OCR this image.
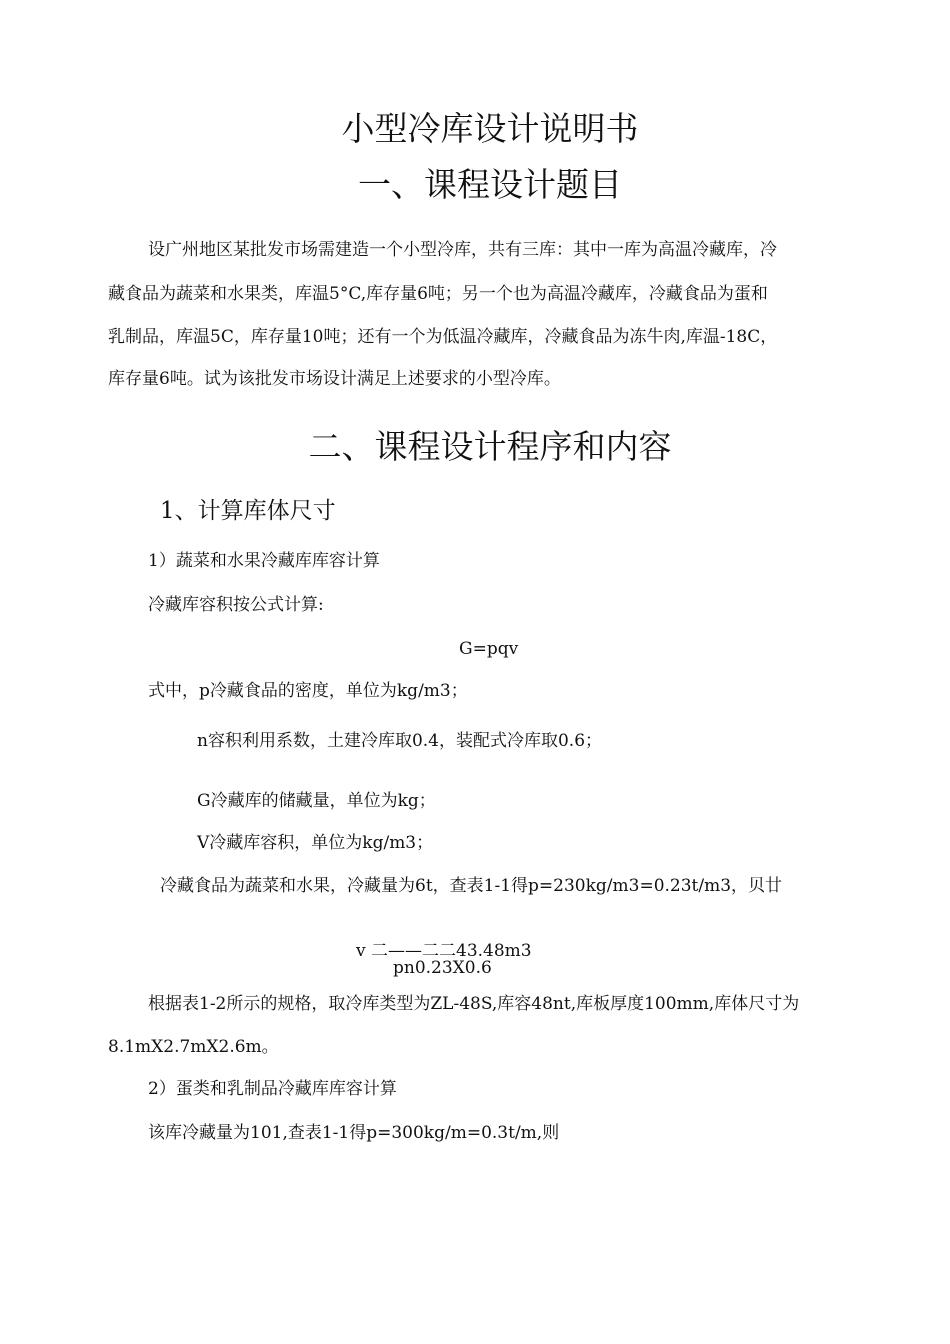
小型冷库设计说明书
一、课程设计题目
设广州地区某批发市场需建造一个小型冷库，共有三库：其中一库为高温冷藏库，冷
藏食品为蔬菜和水果类，库温5°C,库存量6吨；另一个也为高温冷藏库，冷藏食品为蛋和
乳制品，库温5C，库存量10吨；还有一个为低温冷藏库，冷藏食品为冻牛肉,库温-18C，
库存量6吨。试为该批发市场设计满足上述要求的小型冷库。
二、课程设计程序和内容
1、计算库体尺寸
1）蔬菜和水果冷藏库库容计算
冷藏库容积按公式计算:
G=pqv
式中，p冷藏食品的密度，单位为kg/m3；
n容积利用系数，土建冷库取0.4，装配式冷库取0.6；
G冷藏库的储藏量，单位为kg；
V冷藏库容积，单位为kg/m3；
冷藏食品为蔬菜和水果，冷藏量为6t，查表1-1得p=230kg/m3=0.23t/m3，贝廿
v 二——二二43.48m3
pn0.23X0.6
根据表1-2所示的规格，取冷库类型为ZL-48S,库容48nt,库板厚度100mm,库体尺寸为
8.1mX2.7mX2.6m。
2）蛋类和乳制品冷藏库库容计算
该库冷藏量为101,查表1-1得p=300kg/m=0.3t/m,则
